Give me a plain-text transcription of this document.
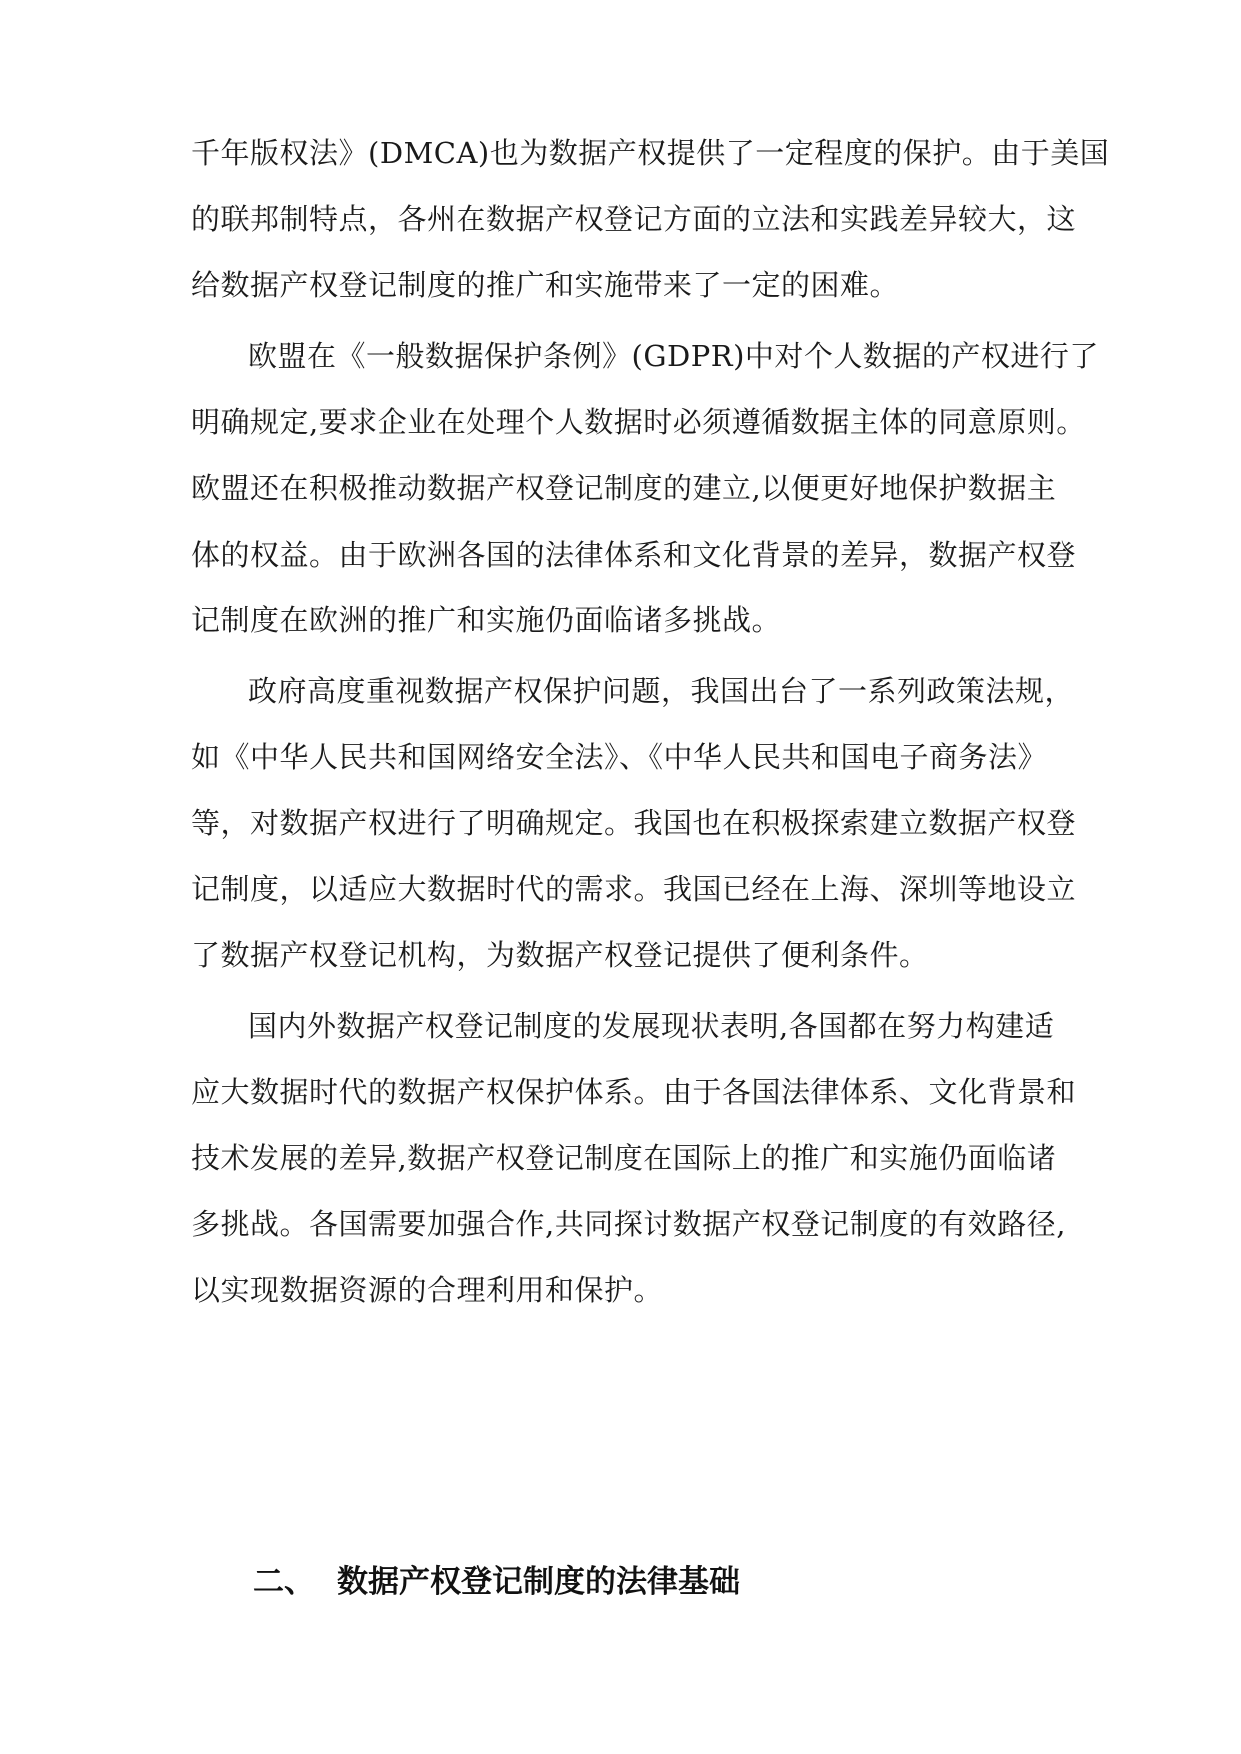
千年版权法》(DMCA)也为数据产权提供了一定程度的保护。由于美国
的联邦制特点，各州在数据产权登记方面的立法和实践差异较大，这
给数据产权登记制度的推广和实施带来了一定的困难。
欧盟在《一般数据保护条例》(GDPR)中对个人数据的产权进行了
明确规定,要求企业在处理个人数据时必须遵循数据主体的同意原则。
欧盟还在积极推动数据产权登记制度的建立,以便更好地保护数据主
体的权益。由于欧洲各国的法律体系和文化背景的差异，数据产权登
记制度在欧洲的推广和实施仍面临诸多挑战。
政府高度重视数据产权保护问题，我国出台了一系列政策法规，
如《中华人民共和国网络安全法》、《中华人民共和国电子商务法》
等，对数据产权进行了明确规定。我国也在积极探索建立数据产权登
记制度，以适应大数据时代的需求。我国已经在上海、深圳等地设立
了数据产权登记机构，为数据产权登记提供了便利条件。
国内外数据产权登记制度的发展现状表明,各国都在努力构建适
应大数据时代的数据产权保护体系。由于各国法律体系、文化背景和
技术发展的差异,数据产权登记制度在国际上的推广和实施仍面临诸
多挑战。各国需要加强合作,共同探讨数据产权登记制度的有效路径,
以实现数据资源的合理利用和保护。
二、 数据产权登记制度的法律基础
